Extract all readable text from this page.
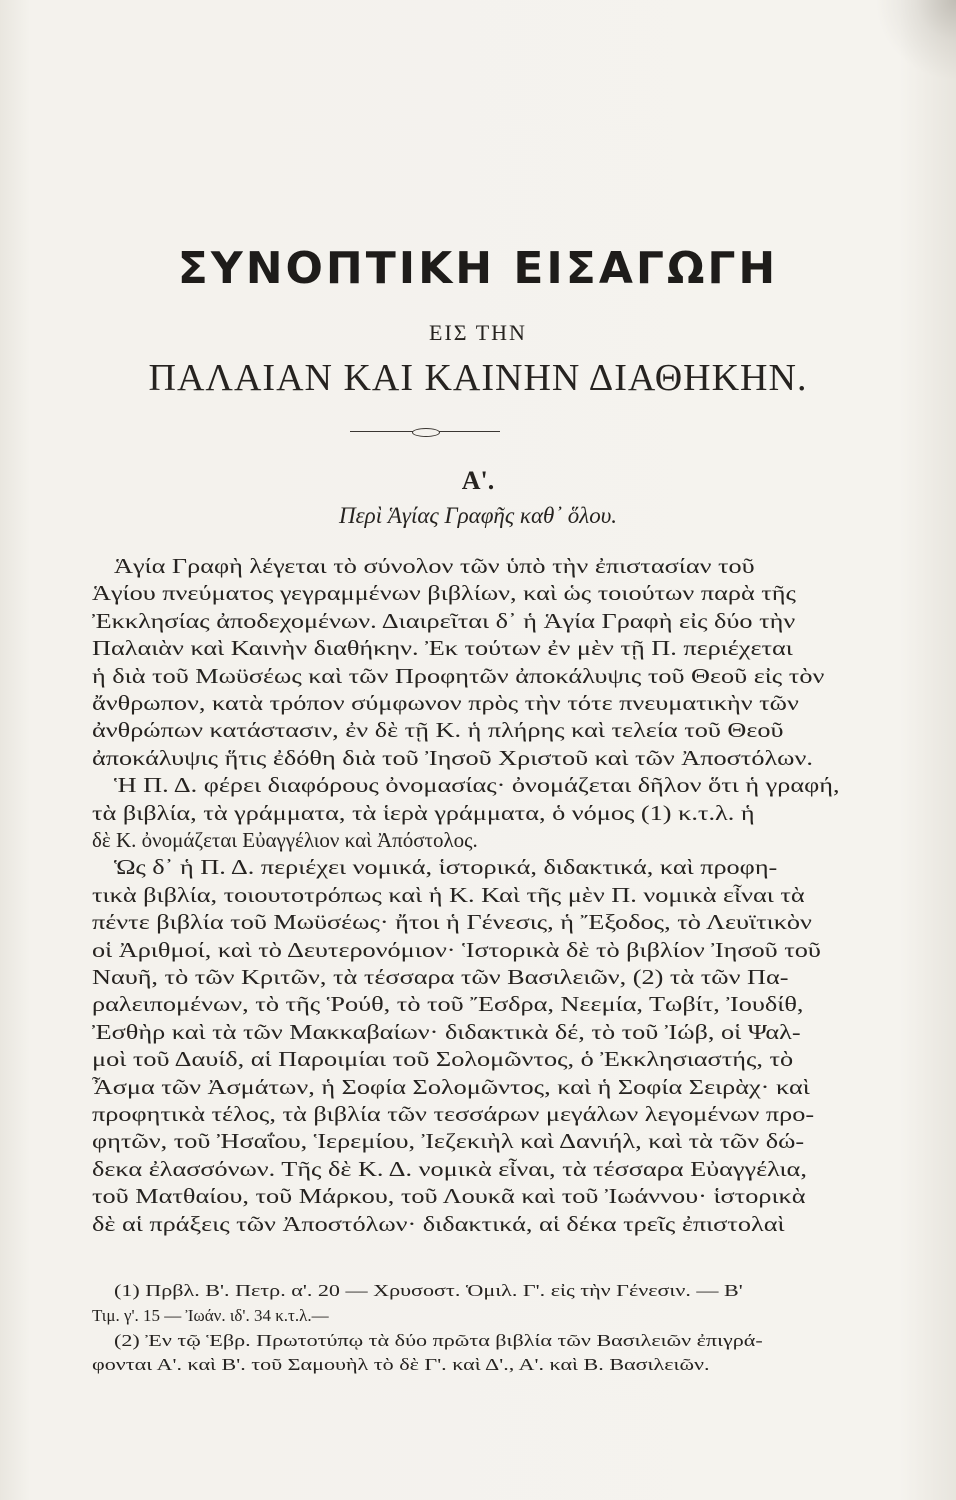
ΣΥΝΟΠΤΙΚΗ ΕΙΣΑΓΩΓΗ
ΕΙΣ ΤΗΝ
ΠΑΛΑΙΑΝ ΚΑΙ ΚΑΙΝΗΝ ΔΙΑΘΗΚΗΝ.
Α'.
Περὶ Ἁγίας Γραφῆς καθ᾽ ὅλου.
Ἁγία Γραφὴ λέγεται τὸ σύνολον τῶν ὑπὸ τὴν ἐπιστασίαν τοῦ
Ἁγίου πνεύματος γεγραμμένων βιβλίων, καὶ ὡς τοιούτων παρὰ τῆς
Ἐκκλησίας ἀποδεχομένων. Διαιρεῖται δ᾽ ἡ Ἁγία Γραφὴ εἰς δύο τὴν
Παλαιὰν καὶ Καινὴν διαθήκην. Ἐκ τούτων ἐν μὲν τῇ Π. περιέχεται
ἡ διὰ τοῦ Μωϋσέως καὶ τῶν Προφητῶν ἀποκάλυψις τοῦ Θεοῦ εἰς τὸν
ἄνθρωπον, κατὰ τρόπον σύμφωνον πρὸς τὴν τότε πνευματικὴν τῶν
ἀνθρώπων κατάστασιν, ἐν δὲ τῇ Κ. ἡ πλήρης καὶ τελεία τοῦ Θεοῦ
ἀποκάλυψις ἥτις ἐδόθη διὰ τοῦ Ἰησοῦ Χριστοῦ καὶ τῶν Ἀποστόλων.
Ἡ Π. Δ. φέρει διαφόρους ὀνομασίας· ὀνομάζεται δῆλον ὅτι ἡ γραφή,
τὰ βιβλία, τὰ γράμματα, τὰ ἱερὰ γράμματα, ὁ νόμος (1) κ.τ.λ. ἡ
δὲ Κ. ὀνομάζεται Εὐαγγέλιον καὶ Ἀπόστολος.
Ὡς δ᾽ ἡ Π. Δ. περιέχει νομικά, ἱστορικά, διδακτικά, καὶ προφη-
τικὰ βιβλία, τοιουτοτρόπως καὶ ἡ Κ. Καὶ τῆς μὲν Π. νομικὰ εἶναι τὰ
πέντε βιβλία τοῦ Μωϋσέως· ἤτοι ἡ Γένεσις, ἡ Ἔξοδος, τὸ Λευϊτικὸν
οἱ Ἀριθμοί, καὶ τὸ Δευτερονόμιον· Ἱστορικὰ δὲ τὸ βιβλίον Ἰησοῦ τοῦ
Ναυῆ, τὸ τῶν Κριτῶν, τὰ τέσσαρα τῶν Βασιλειῶν, (2) τὰ τῶν Πα-
ραλειπομένων, τὸ τῆς Ῥούθ, τὸ τοῦ Ἔσδρα, Νεεμία, Τωβίτ, Ἰουδίθ,
Ἐσθὴρ καὶ τὰ τῶν Μακκαβαίων· διδακτικὰ δέ, τὸ τοῦ Ἰώβ, οἱ Ψαλ-
μοὶ τοῦ Δαυίδ, αἱ Παροιμίαι τοῦ Σολομῶντος, ὁ Ἐκκλησιαστής, τὸ
Ἆσμα τῶν Ἀσμάτων, ἡ Σοφία Σολομῶντος, καὶ ἡ Σοφία Σειρὰχ· καὶ
προφητικὰ τέλος, τὰ βιβλία τῶν τεσσάρων μεγάλων λεγομένων προ-
φητῶν, τοῦ Ἠσαΐου, Ἱερεμίου, Ἰεζεκιὴλ καὶ Δανιήλ, καὶ τὰ τῶν δώ-
δεκα ἐλασσόνων. Τῆς δὲ Κ. Δ. νομικὰ εἶναι, τὰ τέσσαρα Εὐαγγέλια,
τοῦ Ματθαίου, τοῦ Μάρκου, τοῦ Λουκᾶ καὶ τοῦ Ἰωάννου· ἱστορικὰ
δὲ αἱ πράξεις τῶν Ἀποστόλων· διδακτικά, αἱ δέκα τρεῖς ἐπιστολαὶ
(1) Πρβλ. Β'. Πετρ. α'. 20 — Χρυσοστ. Ὁμιλ. Γ'. εἰς τὴν Γένεσιν. — Β'
Τιμ. γ'. 15 — Ἰωάν. ιδ'. 34 κ.τ.λ.—
(2) Ἐν τῷ Ἑβρ. Πρωτοτύπῳ τὰ δύο πρῶτα βιβλία τῶν Βασιλειῶν ἐπιγρά-
φονται Α'. καὶ Β'. τοῦ Σαμουὴλ τὸ δὲ Γ'. καὶ Δ'., Α'. καὶ Β. Βασιλειῶν.
